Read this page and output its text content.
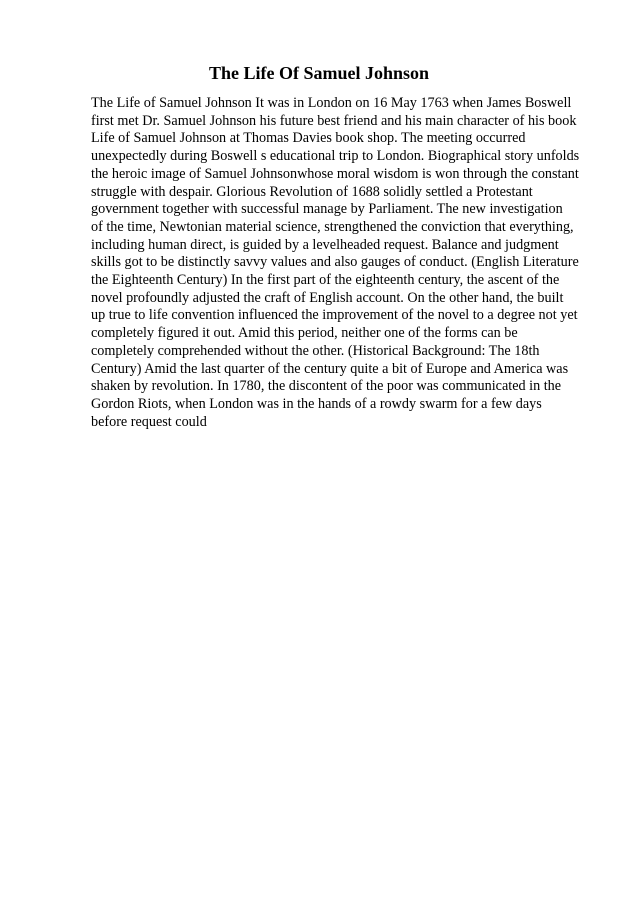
The Life Of Samuel Johnson
The Life of Samuel Johnson It was in London on 16 May 1763 when James Boswell
first met Dr. Samuel Johnson his future best friend and his main character of his book
Life of Samuel Johnson at Thomas Davies book shop. The meeting occurred
unexpectedly during Boswell s educational trip to London. Biographical story unfolds
the heroic image of Samuel Johnsonwhose moral wisdom is won through the constant
struggle with despair. Glorious Revolution of 1688 solidly settled a Protestant
government together with successful manage by Parliament. The new investigation
of the time, Newtonian material science, strengthened the conviction that everything,
including human direct, is guided by a levelheaded request. Balance and judgment
skills got to be distinctly savvy values and also gauges of conduct. (English Literature
the Eighteenth Century) In the first part of the eighteenth century, the ascent of the
novel profoundly adjusted the craft of English account. On the other hand, the built
up true to life convention influenced the improvement of the novel to a degree not yet
completely figured it out. Amid this period, neither one of the forms can be
completely comprehended without the other. (Historical Background: The 18th
Century) Amid the last quarter of the century quite a bit of Europe and America was
shaken by revolution. In 1780, the discontent of the poor was communicated in the
Gordon Riots, when London was in the hands of a rowdy swarm for a few days
before request could
